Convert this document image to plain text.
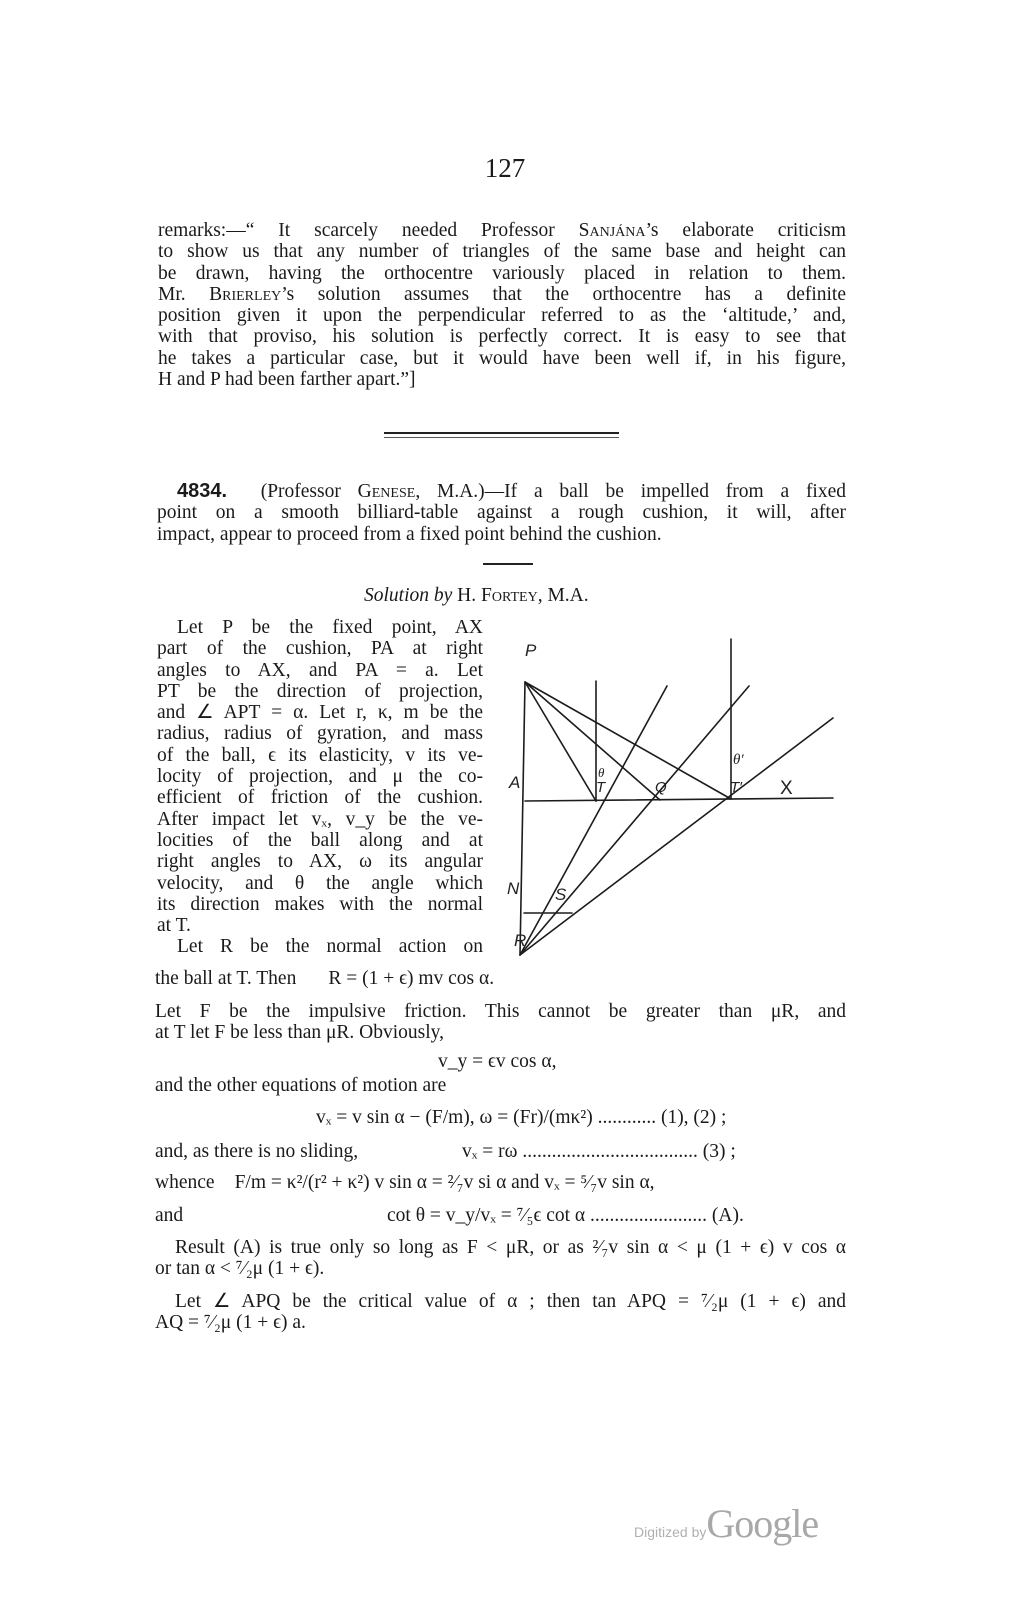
127
remarks:—“ It scarcely needed Professor Sanjána’s elaborate criticism
to show us that any number of triangles of the same base and height can
be drawn, having the orthocentre variously placed in relation to them.
Mr. Brierley’s solution assumes that the orthocentre has a definite
position given it upon the perpendicular referred to as the ‘altitude,’ and,
with that proviso, his solution is perfectly correct. It is easy to see that
he takes a particular case, but it would have been well if, in his figure,
H and P had been farther apart.”]
4834. (Professor Genese, M.A.)—If a ball be impelled from a fixed
point on a smooth billiard-table against a rough cushion, it will, after
impact, appear to proceed from a fixed point behind the cushion.
Solution by H. Fortey, M.A.
Let P be the fixed point, AX
part of the cushion, PA at right
angles to AX, and PA = a. Let
PT be the direction of projection,
and ∠ APT = α. Let r, κ, m be the
radius, radius of gyration, and mass
of the ball, ϵ its elasticity, v its ve-
locity of projection, and μ the co-
efficient of friction of the cushion.
After impact let vₓ, v_y be the ve-
locities of the ball along and at
right angles to AX, ω its angular
velocity, and θ the angle which
its direction makes with the normal
at T.
Let R be the normal action on
P
A	T	Q	T′ X
N S
R
θ
θ′
the ball at T. Then R = (1 + ϵ) mv cos α.
Let F be the impulsive friction. This cannot be greater than μR, and
at T let F be less than μR. Obviously,
v_y = ϵv cos α,
and the other equations of motion are
vₓ = v sin α − (F/m), ω = (Fr)/(mκ²) ............ (1), (2) ;
and, as there is no sliding,	vₓ = rω .................................... (3) ;
whence F/m = κ²/(r² + κ²) v sin α = ²⁄₇v si α and vₓ = ⁵⁄₇v sin α,
and	cot θ = v_y/vₓ = ⁷⁄₅ϵ cot α ........................ (A).
Result (A) is true only so long as F < μR, or as ²⁄₇v sin α < μ (1 + ϵ) v cos α
or tan α < ⁷⁄₂μ (1 + ϵ).
Let ∠ APQ be the critical value of α ; then tan APQ = ⁷⁄₂μ (1 + ϵ) and
AQ = ⁷⁄₂μ (1 + ϵ) a.
Digitized byGoogle
